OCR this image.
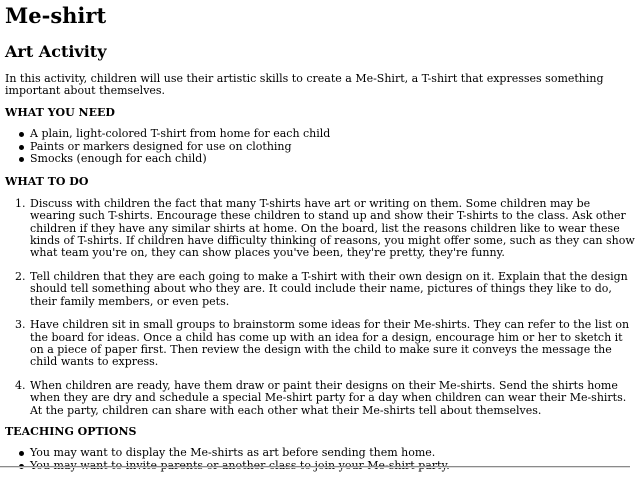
Me-shirt
Art Activity

In this activity, children will use their artistic skills to create a Me-Shirt, a T-shirt that expresses something important about themselves.

WHAT YOU NEED
A plain, light-colored T-shirt from home for each child
Paints or markers designed for use on clothing
Smocks (enough for each child)
WHAT TO DO
Discuss with children the fact that many T-shirts have art or writing on them. Some children may be wearing such T-shirts. Encourage these children to stand up and show their T-shirts to the class. Ask other children if they have any similar shirts at home. On the board, list the reasons children like to wear these kinds of T-shirts. If children have difficulty thinking of reasons, you might offer some, such as they can show what team you're on, they can show places you've been, they're pretty, they're funny.
Tell children that they are each going to make a T-shirt with their own design on it. Explain that the design should tell something about who they are. It could include their name, pictures of things they like to do, their family members, or even pets.
Have children sit in small groups to brainstorm some ideas for their Me-shirts. They can refer to the list on the board for ideas. Once a child has come up with an idea for a design, encourage him or her to sketch it on a piece of paper first. Then review the design with the child to make sure it conveys the message the child wants to express.
When children are ready, have them draw or paint their designs on their Me-shirts. Send the shirts home when they are dry and schedule a special Me-shirt party for a day when children can wear their Me-shirts. At the party, children can share with each other what their Me-shirts tell about themselves.
TEACHING OPTIONS
You may want to display the Me-shirts as art before sending them home.
You may want to invite parents or another class to join your Me-shirt party.
